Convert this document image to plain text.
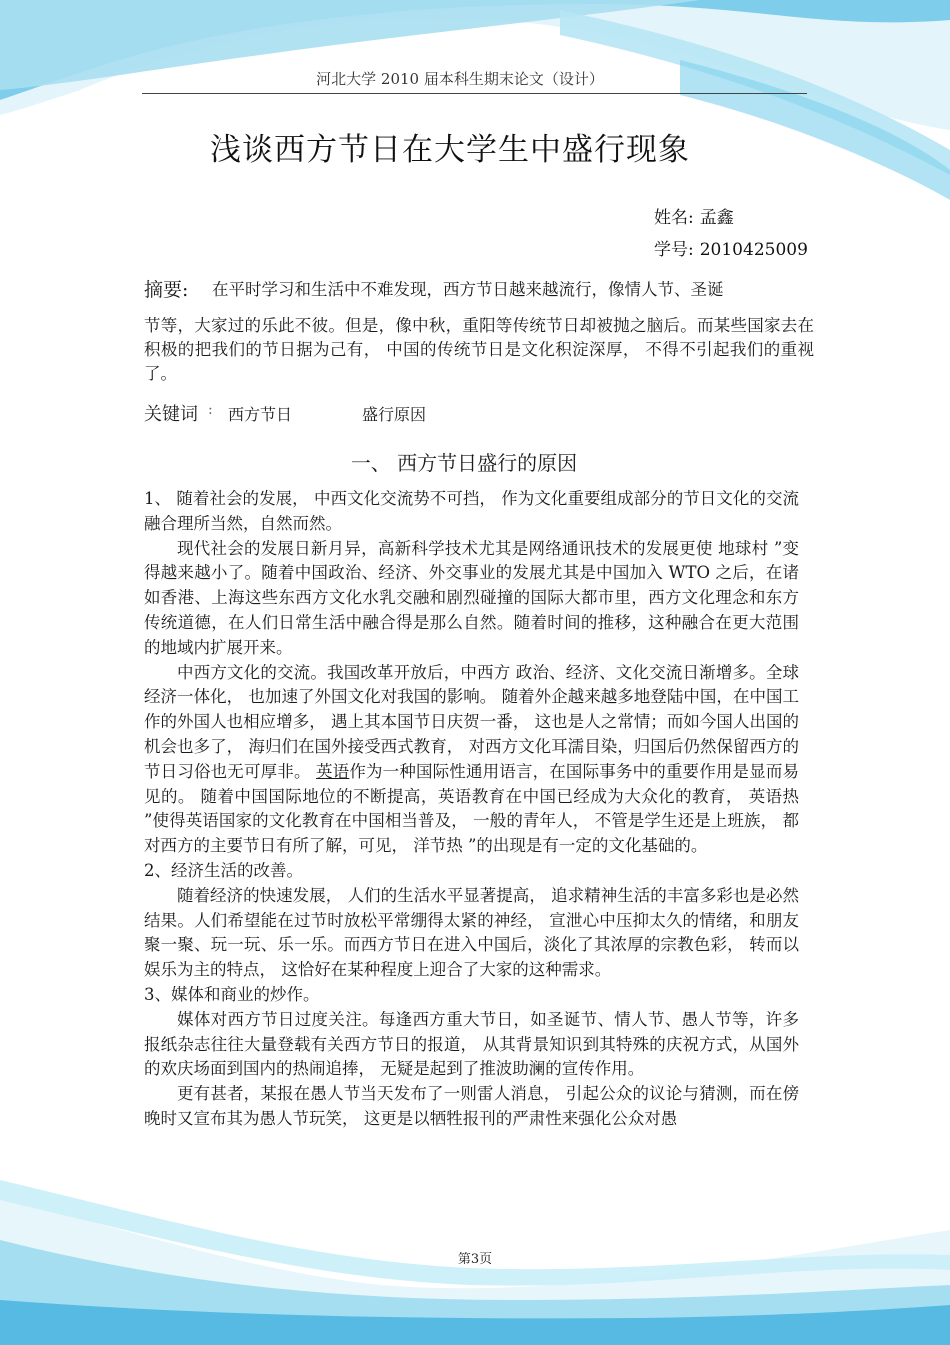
河北大学 2010 届本科生期末论文（设计）
浅谈西方节日在大学生中盛行现象
姓名: 孟鑫
学号: 2010425009
摘要: 在平时学习和生活中不难发现，西方节日越来越流行，像情人节、圣诞
节等，大家过的乐此不彼。但是，像中秋，重阳等传统节日却被抛之脑后。而某些国家去在积极的把我们的节日据为己有， 中国的传统节日是文化积淀深厚， 不得不引起我们的重视了。
关键词 : 西方节日	盛行原因
一、 西方节日盛行的原因

1、 随着社会的发展， 中西文化交流势不可挡， 作为文化重要组成部分的节日文化的交流融合理所当然，自然而然。

现代社会的发展日新月异，高新科学技术尤其是网络通讯技术的发展更使 地球村 ”变得越来越小了。随着中国政治、经济、外交事业的发展尤其是中国加入 WTO 之后，在诸如香港、上海这些东西方文化水乳交融和剧烈碰撞的国际大都市里，西方文化理念和东方传统道德，在人们日常生活中融合得是那么自然。随着时间的推移，这种融合在更大范围的地域内扩展开来。

中西方文化的交流。我国改革开放后，中西方 政治、经济、文化交流日渐增多。全球经济一体化， 也加速了外国文化对我国的影响。 随着外企越来越多地登陆中国，在中国工作的外国人也相应增多， 遇上其本国节日庆贺一番， 这也是人之常情；而如今国人出国的机会也多了， 海归们在国外接受西式教育， 对西方文化耳濡目染，归国后仍然保留西方的节日习俗也无可厚非。 英语作为一种国际性通用语言，在国际事务中的重要作用是显而易见的。 随着中国国际地位的不断提高，英语教育在中国已经成为大众化的教育， 英语热 ”使得英语国家的文化教育在中国相当普及， 一般的青年人， 不管是学生还是上班族， 都对西方的主要节日有所了解，可见， 洋节热 ”的出现是有一定的文化基础的。

2、经济生活的改善。

随着经济的快速发展， 人们的生活水平显著提高， 追求精神生活的丰富多彩也是必然结果。人们希望能在过节时放松平常绷得太紧的神经， 宣泄心中压抑太久的情绪，和朋友聚一聚、玩一玩、乐一乐。而西方节日在进入中国后，淡化了其浓厚的宗教色彩， 转而以娱乐为主的特点， 这恰好在某种程度上迎合了大家的这种需求。

3、媒体和商业的炒作。

媒体对西方节日过度关注。每逢西方重大节日，如圣诞节、情人节、愚人节等，许多报纸杂志往往大量登载有关西方节日的报道， 从其背景知识到其特殊的庆祝方式，从国外的欢庆场面到国内的热闹追捧， 无疑是起到了推波助澜的宣传作用。

更有甚者，某报在愚人节当天发布了一则雷人消息， 引起公众的议论与猜测，而在傍晚时又宣布其为愚人节玩笑， 这更是以牺牲报刊的严肃性来强化公众对愚

第3页
